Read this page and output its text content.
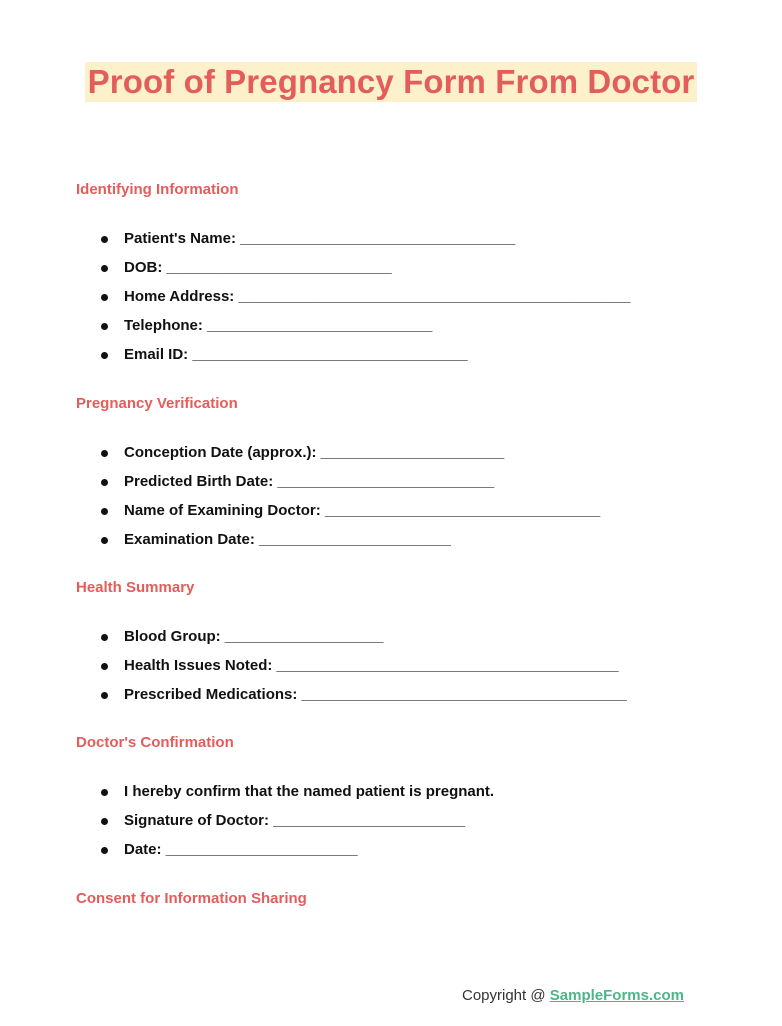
Proof of Pregnancy Form From Doctor
Identifying Information
Patient's Name: _________________________________
DOB: ___________________________
Home Address: _______________________________________________
Telephone: ___________________________
Email ID: _________________________________
Pregnancy Verification
Conception Date (approx.): ______________________
Predicted Birth Date: __________________________
Name of Examining Doctor: _________________________________
Examination Date: _______________________
Health Summary
Blood Group: ___________________
Health Issues Noted: _________________________________________
Prescribed Medications: _______________________________________
Doctor's Confirmation
I hereby confirm that the named patient is pregnant.
Signature of Doctor: _______________________
Date: _______________________
Consent for Information Sharing
Copyright @ SampleForms.com
